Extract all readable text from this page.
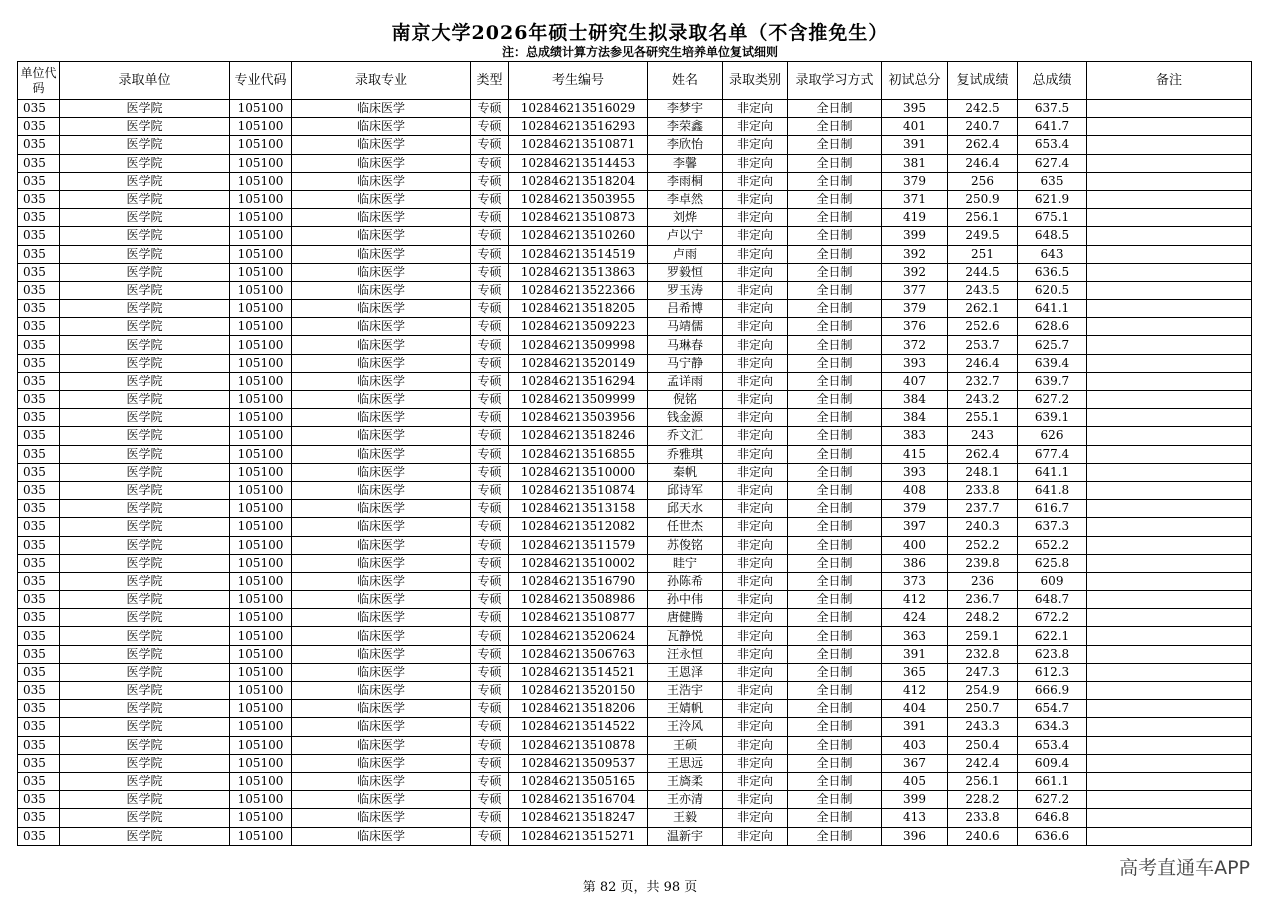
南京大学2026年硕士研究生拟录取名单（不含推免生）
注：总成绩计算方法参见各研究生培养单位复试细则
单位代码	录取单位	专业代码	录取专业	类型	考生编号	姓名	录取类别	录取学习方式	初试总分	复试成绩	总成绩	备注
035	医学院	105100	临床医学	专硕	102846213516029	李梦宇	非定向	全日制	395	242.5	637.5	
035	医学院	105100	临床医学	专硕	102846213516293	李荣鑫	非定向	全日制	401	240.7	641.7	
035	医学院	105100	临床医学	专硕	102846213510871	李欣怡	非定向	全日制	391	262.4	653.4	
035	医学院	105100	临床医学	专硕	102846213514453	李馨	非定向	全日制	381	246.4	627.4	
035	医学院	105100	临床医学	专硕	102846213518204	李雨桐	非定向	全日制	379	256	635	
035	医学院	105100	临床医学	专硕	102846213503955	李卓然	非定向	全日制	371	250.9	621.9	
035	医学院	105100	临床医学	专硕	102846213510873	刘烨	非定向	全日制	419	256.1	675.1	
035	医学院	105100	临床医学	专硕	102846213510260	卢以宁	非定向	全日制	399	249.5	648.5	
035	医学院	105100	临床医学	专硕	102846213514519	卢雨	非定向	全日制	392	251	643	
035	医学院	105100	临床医学	专硕	102846213513863	罗毅恒	非定向	全日制	392	244.5	636.5	
035	医学院	105100	临床医学	专硕	102846213522366	罗玉涛	非定向	全日制	377	243.5	620.5	
035	医学院	105100	临床医学	专硕	102846213518205	吕希博	非定向	全日制	379	262.1	641.1	
035	医学院	105100	临床医学	专硕	102846213509223	马靖儒	非定向	全日制	376	252.6	628.6	
035	医学院	105100	临床医学	专硕	102846213509998	马琳春	非定向	全日制	372	253.7	625.7	
035	医学院	105100	临床医学	专硕	102846213520149	马宁静	非定向	全日制	393	246.4	639.4	
035	医学院	105100	临床医学	专硕	102846213516294	孟详雨	非定向	全日制	407	232.7	639.7	
035	医学院	105100	临床医学	专硕	102846213509999	倪铭	非定向	全日制	384	243.2	627.2	
035	医学院	105100	临床医学	专硕	102846213503956	钱金源	非定向	全日制	384	255.1	639.1	
035	医学院	105100	临床医学	专硕	102846213518246	乔文汇	非定向	全日制	383	243	626	
035	医学院	105100	临床医学	专硕	102846213516855	乔雅琪	非定向	全日制	415	262.4	677.4	
035	医学院	105100	临床医学	专硕	102846213510000	秦帆	非定向	全日制	393	248.1	641.1	
035	医学院	105100	临床医学	专硕	102846213510874	邱诗军	非定向	全日制	408	233.8	641.8	
035	医学院	105100	临床医学	专硕	102846213513158	邱天水	非定向	全日制	379	237.7	616.7	
035	医学院	105100	临床医学	专硕	102846213512082	任世杰	非定向	全日制	397	240.3	637.3	
035	医学院	105100	临床医学	专硕	102846213511579	苏俊铭	非定向	全日制	400	252.2	652.2	
035	医学院	105100	临床医学	专硕	102846213510002	眭宁	非定向	全日制	386	239.8	625.8	
035	医学院	105100	临床医学	专硕	102846213516790	孙陈希	非定向	全日制	373	236	609	
035	医学院	105100	临床医学	专硕	102846213508986	孙中伟	非定向	全日制	412	236.7	648.7	
035	医学院	105100	临床医学	专硕	102846213510877	唐健腾	非定向	全日制	424	248.2	672.2	
035	医学院	105100	临床医学	专硕	102846213520624	瓦静悦	非定向	全日制	363	259.1	622.1	
035	医学院	105100	临床医学	专硕	102846213506763	汪永恒	非定向	全日制	391	232.8	623.8	
035	医学院	105100	临床医学	专硕	102846213514521	王恩泽	非定向	全日制	365	247.3	612.3	
035	医学院	105100	临床医学	专硕	102846213520150	王浩宇	非定向	全日制	412	254.9	666.9	
035	医学院	105100	临床医学	专硕	102846213518206	王婧帆	非定向	全日制	404	250.7	654.7	
035	医学院	105100	临床医学	专硕	102846213514522	王泠风	非定向	全日制	391	243.3	634.3	
035	医学院	105100	临床医学	专硕	102846213510878	王硕	非定向	全日制	403	250.4	653.4	
035	医学院	105100	临床医学	专硕	102846213509537	王思远	非定向	全日制	367	242.4	609.4	
035	医学院	105100	临床医学	专硕	102846213505165	王旖柔	非定向	全日制	405	256.1	661.1	
035	医学院	105100	临床医学	专硕	102846213516704	王亦清	非定向	全日制	399	228.2	627.2	
035	医学院	105100	临床医学	专硕	102846213518247	王毅	非定向	全日制	413	233.8	646.8	
035	医学院	105100	临床医学	专硕	102846213515271	温新宇	非定向	全日制	396	240.6	636.6	
高考直通车APP
第 82 页，共 98 页
